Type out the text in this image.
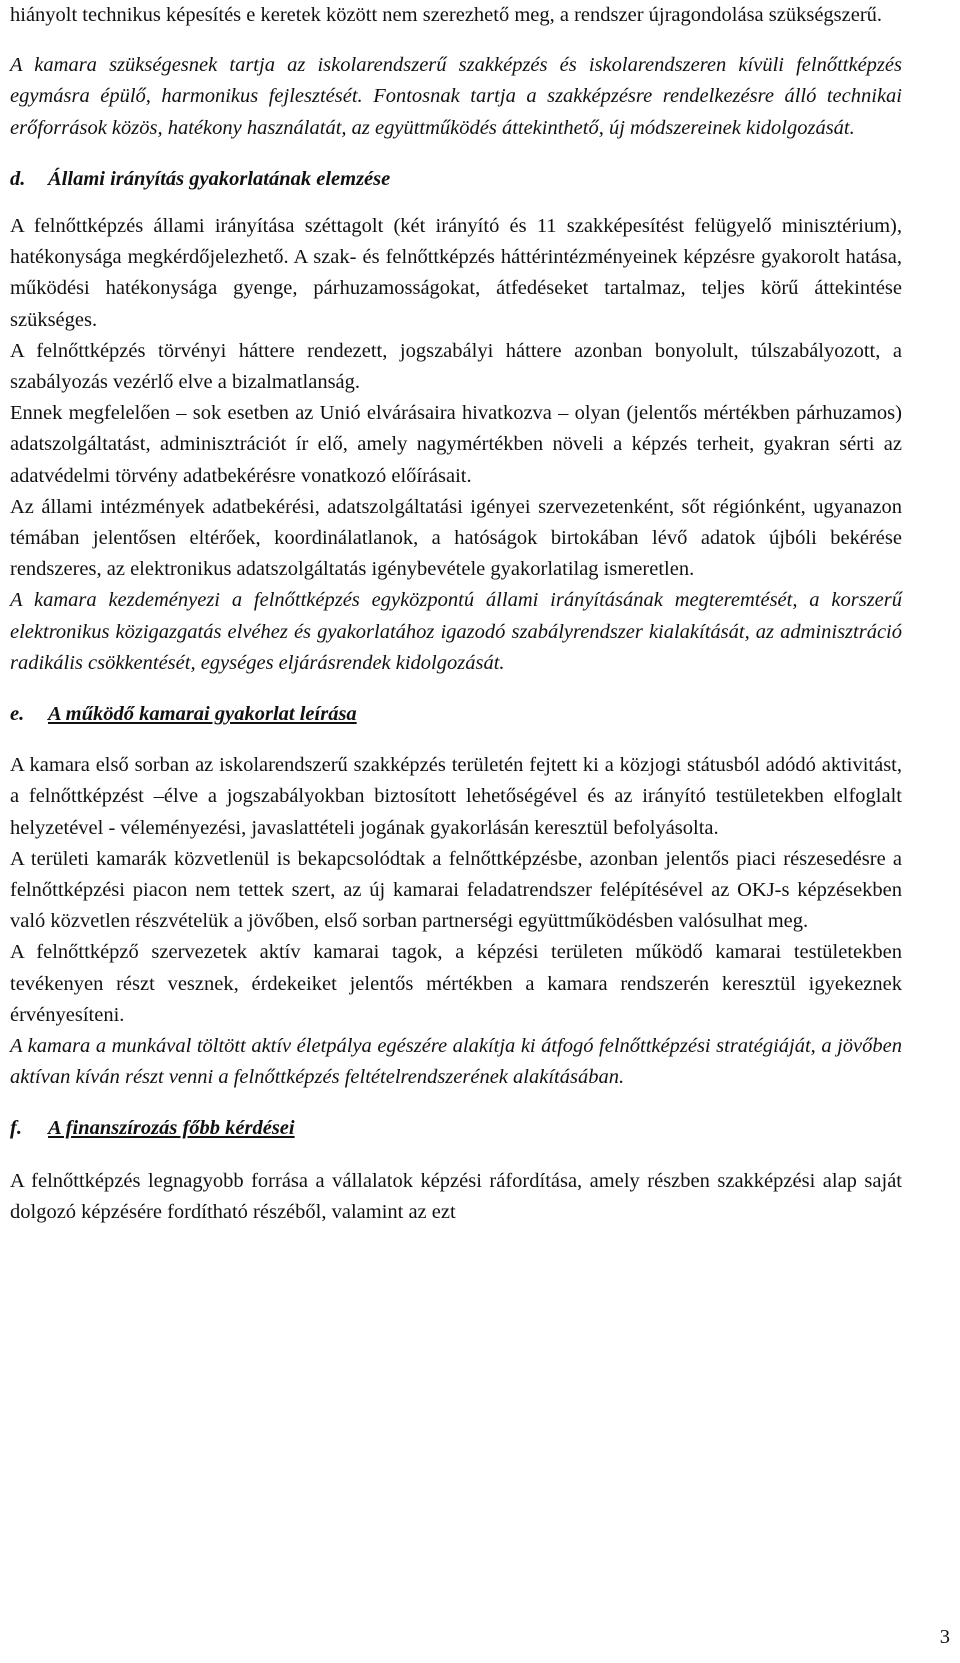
hiányolt technikus képesítés e keretek között nem szerezhető meg, a rendszer újragondolása szükségszerű.

A kamara szükségesnek tartja az iskolarendszerű szakképzés és iskolarendszeren kívüli felnőttképzés egymásra épülő, harmonikus fejlesztését. Fontosnak tartja a szakképzésre rendelkezésre álló technikai erőforrások közös, hatékony használatát, az együttműködés áttekinthető, új módszereinek kidolgozását.

d. Állami irányítás gyakorlatának elemzése

A felnőttképzés állami irányítása széttagolt (két irányító és 11 szakképesítést felügyelő minisztérium), hatékonysága megkérdőjelezhető. A szak- és felnőttképzés háttérintézményeinek képzésre gyakorolt hatása, működési hatékonysága gyenge, párhuzamosságokat, átfedéseket tartalmaz, teljes körű áttekintése szükséges.

A felnőttképzés törvényi háttere rendezett, jogszabályi háttere azonban bonyolult, túlszabályozott, a szabályozás vezérlő elve a bizalmatlanság.

Ennek megfelelően – sok esetben az Unió elvárásaira hivatkozva – olyan (jelentős mértékben párhuzamos) adatszolgáltatást, adminisztrációt ír elő, amely nagymértékben növeli a képzés terheit, gyakran sérti az adatvédelmi törvény adatbekérésre vonatkozó előírásait.

Az állami intézmények adatbekérési, adatszolgáltatási igényei szervezetenként, sőt régiónként, ugyanazon témában jelentősen eltérőek, koordinálatlanok, a hatóságok birtokában lévő adatok újbóli bekérése rendszeres, az elektronikus adatszolgáltatás igénybevétele gyakorlatilag ismeretlen.

A kamara kezdeményezi a felnőttképzés egyközpontú állami irányításának megteremtését, a korszerű elektronikus közigazgatás elvéhez és gyakorlatához igazodó szabályrendszer kialakítását, az adminisztráció radikális csökkentését, egységes eljárásrendek kidolgozását.

e. A működő kamarai gyakorlat leírása

A kamara első sorban az iskolarendszerű szakképzés területén fejtett ki a közjogi státusból adódó aktivitást, a felnőttképzést –élve a jogszabályokban biztosított lehetőségével és az irányító testületekben elfoglalt helyzetével - véleményezési, javaslattételi jogának gyakorlásán keresztül befolyásolta.

A területi kamarák közvetlenül is bekapcsolódtak a felnőttképzésbe, azonban jelentős piaci részesedésre a felnőttképzési piacon nem tettek szert, az új kamarai feladatrendszer felépítésével az OKJ-s képzésekben való közvetlen részvételük a jövőben, első sorban partnerségi együttműködésben valósulhat meg.

A felnőttképző szervezetek aktív kamarai tagok, a képzési területen működő kamarai testületekben tevékenyen részt vesznek, érdekeiket jelentős mértékben a kamara rendszerén keresztül igyekeznek érvényesíteni.

A kamara a munkával töltött aktív életpálya egészére alakítja ki átfogó felnőttképzési stratégiáját, a jövőben aktívan kíván részt venni a felnőttképzés feltételrendszerének alakításában.

f. A finanszírozás főbb kérdései

A felnőttképzés legnagyobb forrása a vállalatok képzési ráfordítása, amely részben szakképzési alap saját dolgozó képzésére fordítható részéből, valamint az ezt

3
